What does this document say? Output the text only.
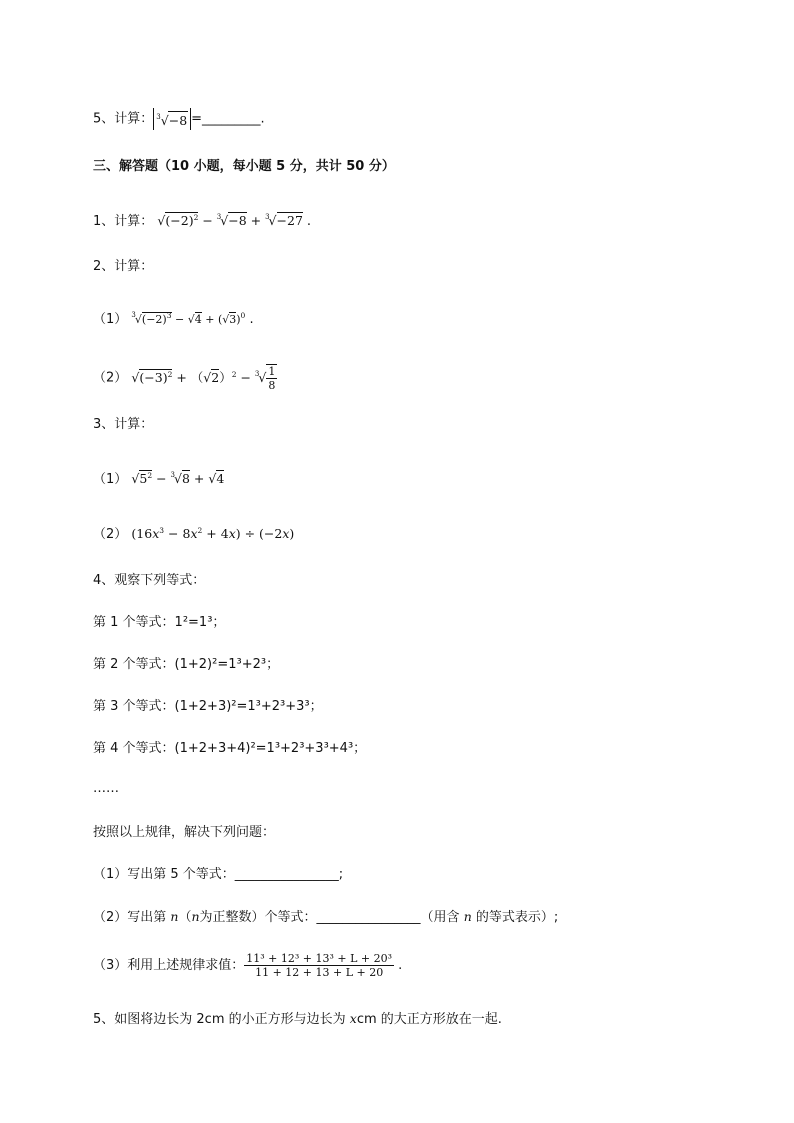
5、计算： 3√−8 =_________.
三、解答题（10 小题，每小题 5 分，共计 50 分）
1、计算： $√(-2)^2 - ^3√-8 + ^3√-27$ .
2、计算：
（1） $^3√(-2)^3 - √4 + (√3)^0$ .
（2） $√(-3)^2 + (√2)^2 - ^3√ \frac{1}{8}$
3、计算：
（1） $√5^2 - ^3√8 + √4$
（2） $(16x^3 - 8x^2 + 4x) \div (-2x)$
4、观察下列等式：
第 1 个等式：1²=1³；
第 2 个等式：(1+2)²=1³+2³；
第 3 个等式：(1+2+3)²=1³+2³+3³；
第 4 个等式：(1+2+3+4)²=1³+2³+3³+4³；
……
按照以上规律，解决下列问题：
（1）写出第 5 个等式：________________;
（2）写出第 n（n为正整数）个等式：________________（用含 n 的等式表示）;
（3）利用上述规律求值： $\frac{\text{11³ + 12³ + 13³ + L + 20³}}{11 + 12 + 13 + L + 20}$ .
5、如图将边长为 2cm 的小正方形与边长为 xcm 的大正方形放在一起.
